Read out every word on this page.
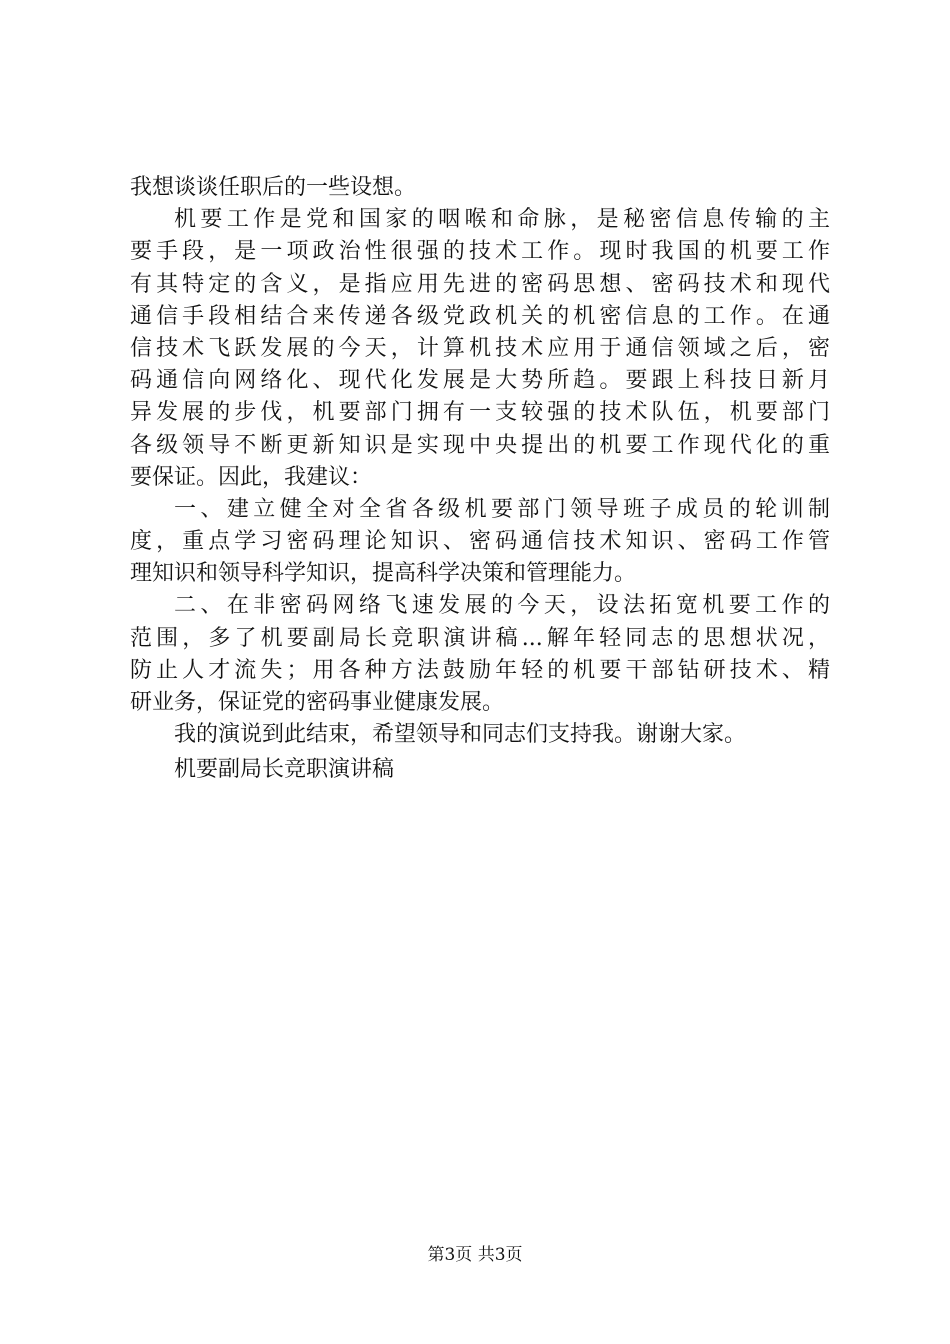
我想谈谈任职后的一些设想。
机要工作是党和国家的咽喉和命脉，是秘密信息传输的主
要手段，是一项政治性很强的技术工作。现时我国的机要工作
有其特定的含义，是指应用先进的密码思想、密码技术和现代
通信手段相结合来传递各级党政机关的机密信息的工作。在通
信技术飞跃发展的今天，计算机技术应用于通信领域之后，密
码通信向网络化、现代化发展是大势所趋。要跟上科技日新月
异发展的步伐，机要部门拥有一支较强的技术队伍，机要部门
各级领导不断更新知识是实现中央提出的机要工作现代化的重
要保证。因此，我建议：
一、建立健全对全省各级机要部门领导班子成员的轮训制
度，重点学习密码理论知识、密码通信技术知识、密码工作管
理知识和领导科学知识，提高科学决策和管理能力。
二、在非密码网络飞速发展的今天，设法拓宽机要工作的
范围，多了机要副局长竞职演讲稿...解年轻同志的思想状况，
防止人才流失；用各种方法鼓励年轻的机要干部钻研技术、精
研业务，保证党的密码事业健康发展。
我的演说到此结束，希望领导和同志们支持我。谢谢大家。
机要副局长竞职演讲稿
第3页 共3页
